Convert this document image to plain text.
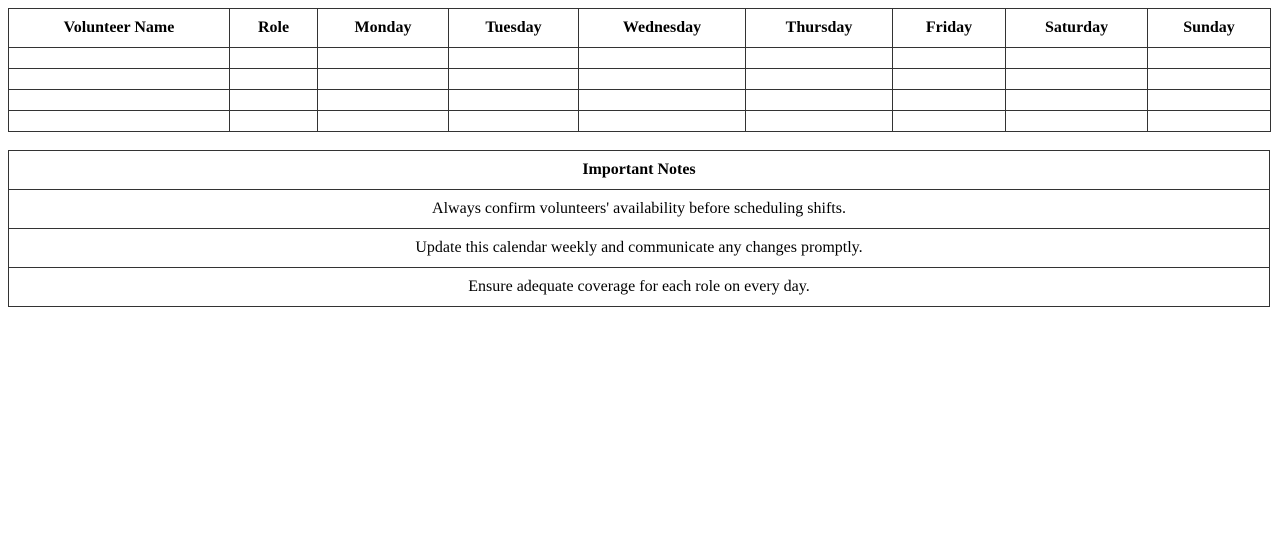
Volunteer Name	Role	Monday	Tuesday	Wednesday	Thursday	Friday	Saturday	Sunday

Important Notes
Always confirm volunteers' availability before scheduling shifts.
Update this calendar weekly and communicate any changes promptly.
Ensure adequate coverage for each role on every day.
